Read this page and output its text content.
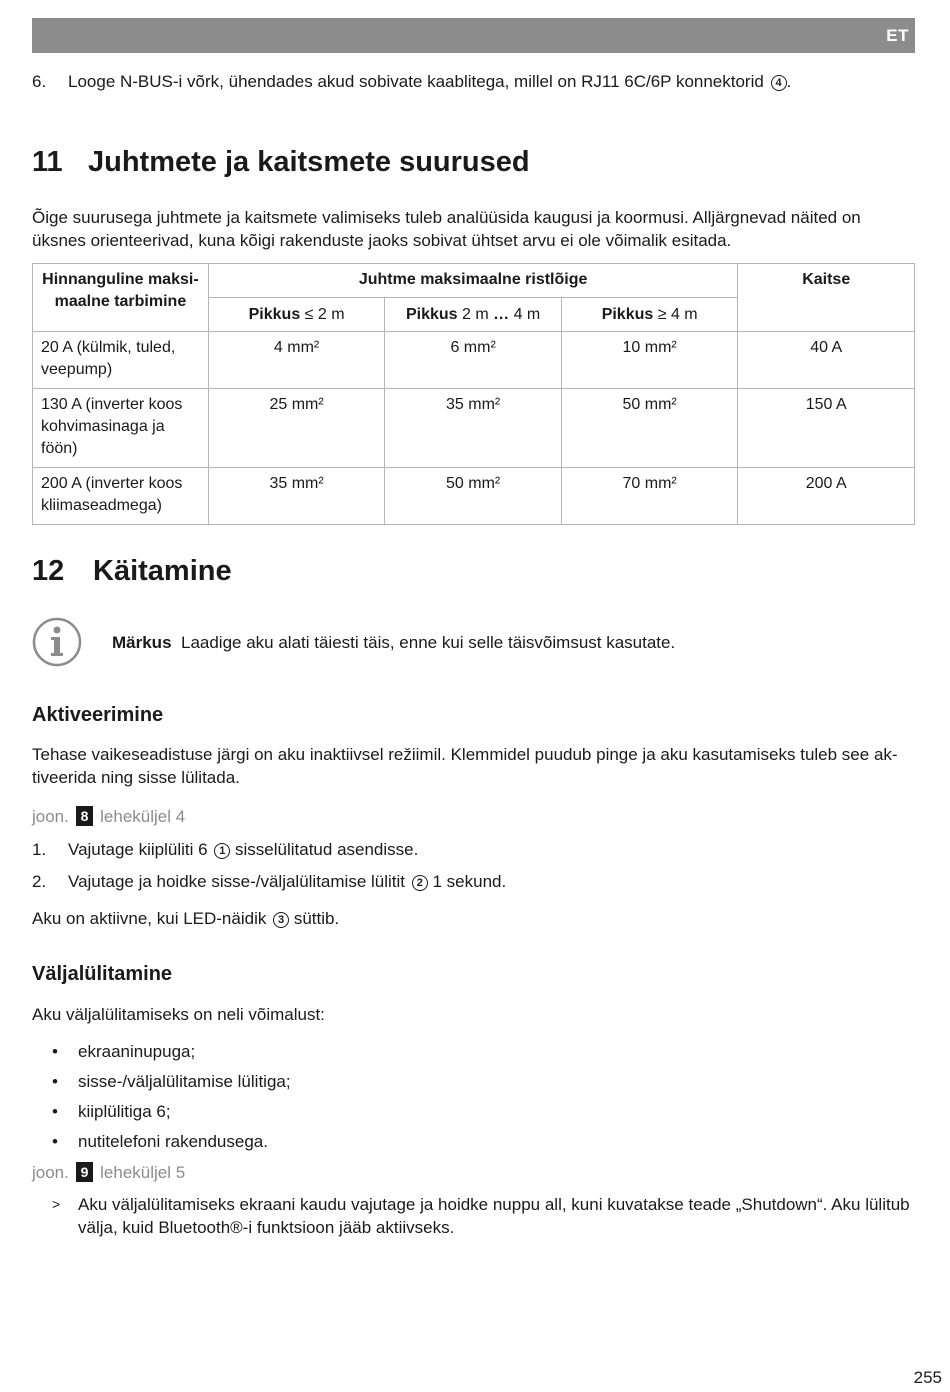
ET
6. Looge N-BUS-i võrk, ühendades akud sobivate kaablitega, millel on RJ11 6C/6P konnektorid 4 .
11 Juhtmete ja kaitsmete suurused
Õige suurusega juhtmete ja kaitsmete valimiseks tuleb analüüsida kaugusi ja koormusi. Alljärgnevad näited on üksnes orienteerivad, kuna kõigi rakenduste jaoks sobivat ühtset arvu ei ole võimalik esitada.
Hinnanguline maksi-maalne tarbimine	Juhtme maksimaalne ristlõige			Kaitse
	Pikkus ≤ 2 m	Pikkus 2 m … 4 m	Pikkus ≥ 4 m	
20 A (külmik, tuled, veepump)	4 mm²	6 mm²	10 mm²	40 A
130 A (inverter koos kohvimasinaga ja föön)	25 mm²	35 mm²	50 mm²	150 A
200 A (inverter koos kliimaseadmega)	35 mm²	50 mm²	70 mm²	200 A
12 Käitamine
Märkus Laadige aku alati täiesti täis, enne kui selle täisvõimsust kasutate.
Aktiveerimine
Tehase vaikeseadistuse järgi on aku inaktiivsel režiimil. Klemmidel puudub pinge ja aku kasutamiseks tuleb see ak-tiveerida ning sisse lülitada.
joon. 8 leheküljel 4
1. Vajutage kiiplüliti 6 1 sisselülitatud asendisse.
2. Vajutage ja hoidke sisse-/väljalülitamise lülitit 2 1 sekund.
Aku on aktiivne, kui LED-näidik 3 süttib.
Väljalülitamine
Aku väljalülitamiseks on neli võimalust:
• ekraaninupuga;
• sisse-/väljalülitamise lülitiga;
• kiiplülitiga 6;
• nutitelefoni rakendusega.
joon. 9 leheküljel 5
> Aku väljalülitamiseks ekraani kaudu vajutage ja hoidke nuppu all, kuni kuvatakse teade „Shutdown“. Aku lülitub välja, kuid Bluetooth®-i funktsioon jääb aktiivseks.
255
